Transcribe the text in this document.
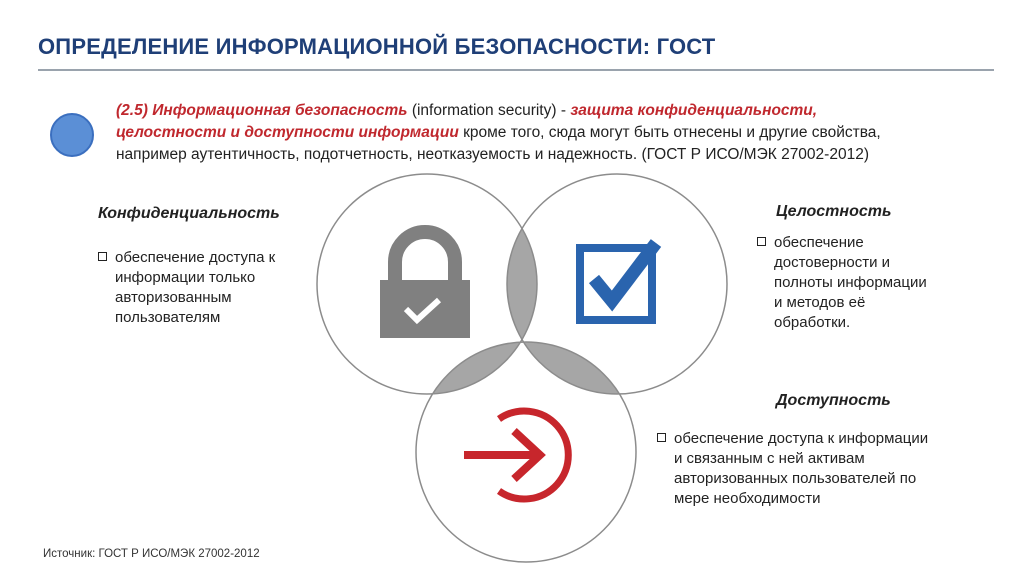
ОПРЕДЕЛЕНИЕ ИНФОРМАЦИОННОЙ БЕЗОПАСНОСТИ: ГОСТ
(2.5) Информационная безопасность (information security) - защита конфиденциальности,
целостности и доступности информации кроме того, сюда могут быть отнесены и другие свойства,
например аутентичность, подотчетность, неотказуемость и надежность. (ГОСТ Р ИСО/МЭК 27002-2012)
Конфиденциальность
обеспечение доступа к
информации только
авторизованным
пользователям
Целостность
обеспечение
достоверности и
полноты информации
и методов её
обработки.
Доступность
обеспечение доступа к информации
и связанным с ней активам
авторизованных пользователей по
мере необходимости
Источник: ГОСТ Р ИСО/МЭК 27002-2012
